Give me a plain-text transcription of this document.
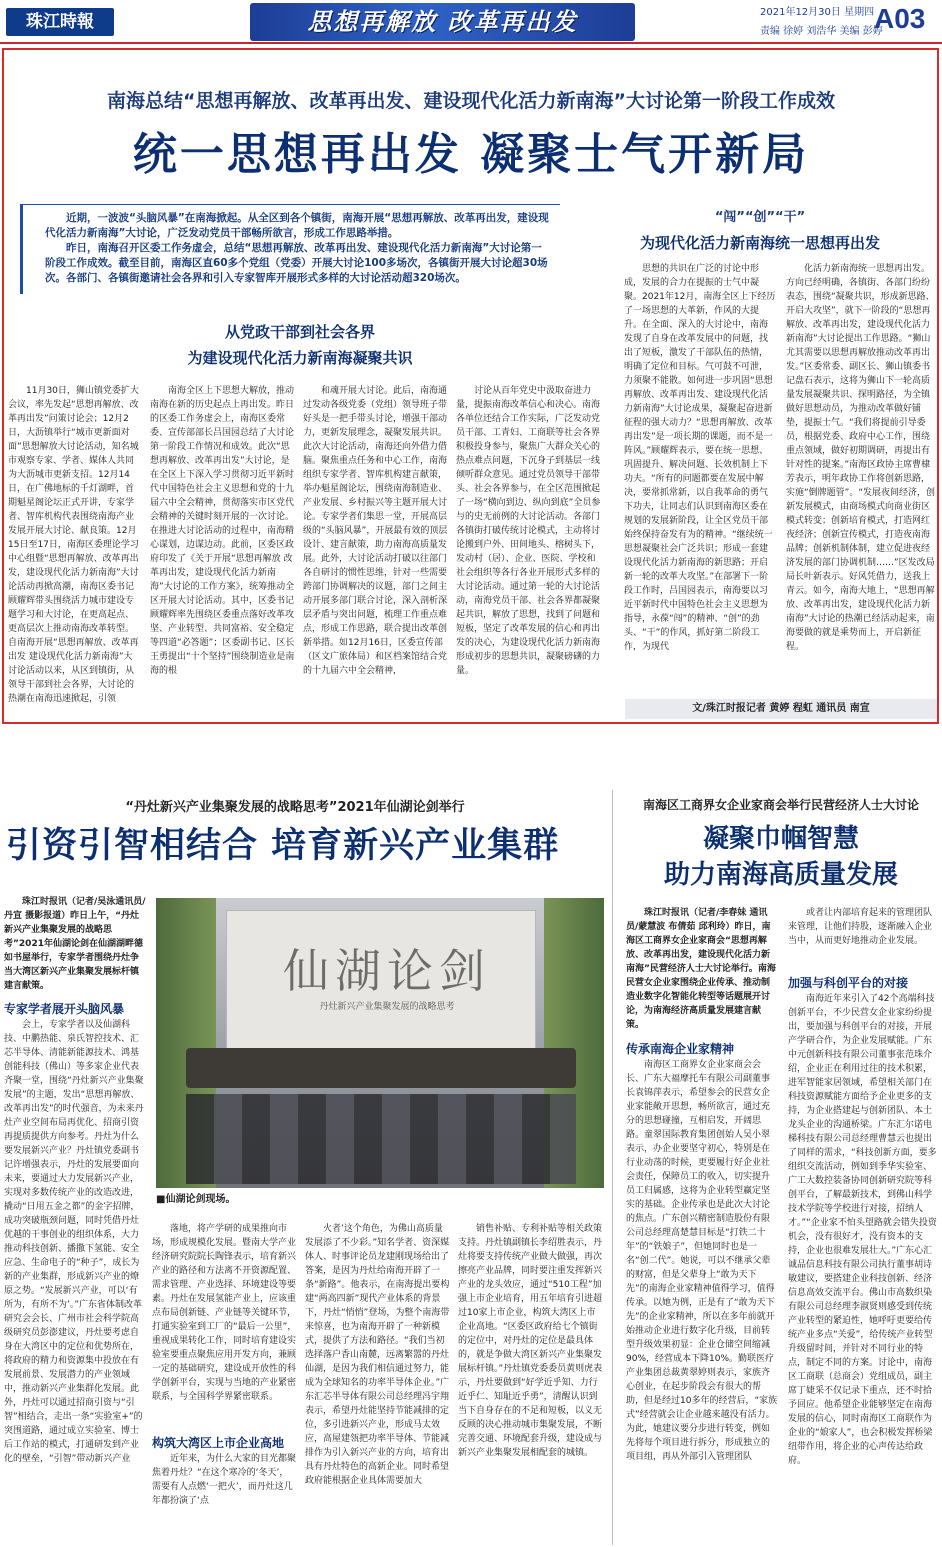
珠江時報	思想再解放 改革再出发	2021年12月30日 星期四
责编 徐婷 刘浩华 美编 彭婷
A03
南海总结“思想再解放、改革再出发、建设现代化活力新南海”大讨论第一阶段工作成效
统一思想再出发 凝聚士气开新局

近期，一波波“头脑风暴”在南海掀起。从全区到各个镇街，南海开展“思想再解放、改革再出发，建设现代化活力新南海”大讨论，广泛发动党员干部畅所欲言，形成工作思路举措。

昨日，南海召开区委工作务虚会，总结“思想再解放、改革再出发、建设现代化活力新南海”大讨论第一阶段工作成效。截至目前，南海区直60多个党组（党委）开展大讨论100多场次，各镇街开展大讨论超30场次。各部门、各镇街邀请社会各界和引入专家智库开展形式多样的大讨论活动超320场次。

“闯”“创”“干”
为现代化活力新南海统一思想再出发
从党政干部到社会各界
为建设现代化活力新南海凝聚共识

11月30日，狮山镇党委扩大会议，率先发起“思想再解放、改革再出发”问策讨论会；12月2日，大沥镇举行“城市更新面对面”思想解放大讨论活动，知名城市观察专家、学者、媒体人共同为大沥城市更新支招。12月14日，在广佛地标的千灯湖畔，首期魁星阁论坛正式开讲，专家学者、智库机构代表围绕南海产业发展开展大讨论、献良策。12月15日至17日，南海区委理论学习中心组暨“思想再解放、改革再出发，建设现代化活力新南海”大讨论活动再掀高潮，南海区委书记顾耀辉带头围绕活力城市建设专题学习和大讨论，在更高起点、更高层次上推动南海改革转型。自南海开展“思想再解放、改革再出发 建设现代化活力新南海”大讨论活动以来，从区到镇街，从领导干部到社会各界，大讨论的热潮在南海迅速掀起，引领

南海全区上下思想大解放，推动南海在新的历史起点上再出发。昨日的区委工作务虚会上，南海区委常委、宣传部部长吕国园总结了大讨论第一阶段工作情况和成效。此次“思想再解放、改革再出发”大讨论，是在全区上下深入学习贯彻习近平新时代中国特色社会主义思想和党的十九届六中全会精神，贯彻落实市区党代会精神的关键时刻开展的一次讨论。在推进大讨论活动的过程中，南海精心谋划，边谋边动。此前，区委区政府印发了《关于开展“思想再解放 改革再出发，建设现代化活力新南海”大讨论的工作方案》，统筹推动全区开展大讨论活动。其中，区委书记顾耀辉率先围绕区委重点落好改革攻坚、产业转型、共同富裕、安全稳定等四道“必答题”；区委副书记、区长王勇提出“十个坚持”围绕制造业是南海的根

和魂开展大讨论。此后，南海通过发动各级党委（党组）领导班子带好头是一把手带头讨论，增强干部动力，更新发展理念，凝聚发展共识。此次大讨论活动，南海还向外借力借脑。聚焦重点任务和中心工作，南海组织专家学者、智库机构建言献策，举办魁星阁论坛，围绕南海制造业、产业发展、乡村振兴等主题开展大讨论。专家学者们集思一堂，开展高层级的“头脑风暴”，开展最有效的顶层设计、建言献策，助力南海高质量发展。此外，大讨论活动打破以往部门各自研讨的惯性思维，针对一些需要跨部门协调解决的议题，部门之间主动开展多部门联合讨论，深入剖析深层矛盾与突出问题，梳理工作重点难点，形成工作思路，联合提出改革创新举措。如12月16日，区委宣传部（区文广旅体局）和区档案馆结合党的十九届六中全会精神，

讨论从百年党史中汲取奋进力量，提振南海改革信心和决心。南海各单位还结合工作实际，广泛发动党员干部、工青妇、工商联等社会各界积极投身参与，聚焦广大群众关心的热点难点问题，下沉身子到基层一线倾听群众意见。通过党员领导干部带头、社会各界参与，在全区范围掀起了一场“横向到边、纵向到底”全员参与的史无前例的大讨论活动。各部门各镇街打破传统讨论模式，主动将讨论搬到户外、田间地头、榕树头下，发动村（居）、企业、医院、学校和社会组织等各行各业开展形式多样的大讨论活动。通过第一轮的大讨论活动，南海党员干部、社会各界都凝聚起共识，解放了思想，找到了问题和短板，坚定了改革发展的信心和再出发的决心，为建设现代化活力新南海形成初步的思想共识，凝聚磅礴的力量。

思想的共识在广泛的讨论中形成，发展的合力在提振的士气中凝聚。2021年12月，南海全区上下经历了一场思想的大革新，作风的大提升。在全面、深入的大讨论中，南海发现了自身在改革发展中的问题，找出了短板，激发了干部队伍的热情，明确了定位和目标。气可鼓不可泄，力须聚不能散。如何进一步巩固“思想再解放、改革再出发、建设现代化活力新南海”大讨论成果，凝聚起奋进新征程的强大动力？“思想再解放、改革再出发”是一项长期的课题，而不是一阵风。”顾耀辉表示，要在统一思想、巩固提升、解决问题、长效机制上下功夫。“所有的问题都要在发展中解决，要常抓常新，以自我革命的勇气下功夫，让同志们认识到南海区委在规划的发展新阶段，让全区党员干部始终保持奋发有为的精神。“继续统一思想凝聚社会广泛共识；形成一套建设现代化活力新南海的新思路；开启新一轮的改革大攻坚。”在部署下一阶段工作时，吕国园表示，南海要以习近平新时代中国特色社会主义思想为指导，永葆“闯”的精神、“创”的劲头、“干”的作风，抓好第二阶段工作，为现代

化活力新南海统一思想再出发。方向已经明确，各镇街、各部门纷纷表态，围绕“凝聚共识，形成新思路、开启大攻坚”，就下一阶段的“思想再解放、改革再出发，建设现代化活力新南海”大讨论提出工作思路。“狮山尤其需要以思想再解放推动改革再出发。”区委常委、副区长、狮山镇委书记盘石表示，这将为狮山下一轮高质量发展凝聚共识、探明路径，为全镇做好思想动员，为推动改革做好铺垫，提振士气。“我们将提前引导委员，根据党委、政府中心工作，围绕重点领域，做好初期调研，再提出有针对性的提案。”南海区政协主席曹棣芳表示，明年政协工作将创新思路，实施“倒牌题管”。“发展夜间经济，创新发展模式，由商场模式向商业街区模式转变；创新培育模式，打造网红夜经济；创新宣传模式，打造夜南海品牌；创新机制体制，建立促进夜经济发展的部门协调机制……”区发改局局长叶新表示。好风凭借力，送我上青云。如今，南海大地上，“思想再解放、改革再出发，建设现代化活力新南海”大讨论的热潮已经活动起来，南海要做的就是乘势而上，开启新征程。

文/珠江时报记者 黄婷 程虹 通讯员 南宣
“丹灶新兴产业集聚发展的战略思考”2021年仙湖论剑举行
引资引智相结合 培育新兴产业集群

珠江时报讯（记者/吴泳通讯员/丹宣 摄影报道）昨日上午，“丹灶新兴产业集聚发展的战略思考”2021年仙湖论剑在仙湖湖畔德如书屋举行，专家学者围绕丹灶争当大湾区新兴产业集聚发展标杆镇建言献策。

专家学者展开头脑风暴

会上，专家学者以及仙湖科技、中鹏热能、泉氏智控技术、汇芯半导体、清能新能源技术、鸿基创能科技（佛山）等多家企业代表齐聚一堂，围绕“丹灶新兴产业集聚发展”的主题，发出“思想再解放、改革再出发”的时代强音，为未来丹灶产业空间布局再优化、招商引资再提质提供方向参考。丹灶为什么要发展新兴产业？丹灶镇党委副书记许增强表示，丹灶的发展要面向未来，要通过大力发展新兴产业，实现对多数传统产业的改造改进，撬动“日用五金之都”的金字招牌，成功突破瓶颈问题，同时凭借丹灶优越的干事创业的组织体系，大力推动科技创新、播撒下氢能、安全应急、生命电子的“种子”，成长为新的产业集群，形成新兴产业的燎原之势。“发展新兴产业，可以‘有所为，有所不为’。”广东省体制改革研究会会长、广州市社会科学院高级研究员彭澎建议，丹灶要考虑自身在大湾区中的定位和优势所在，将政府的精力和资源集中投放在有发展前景、发展潜力的产业领域中，推动新兴产业集群化发展。此外，丹灶可以通过招商引资与“引智”相结合，走出一条“实验室+”的突围道路，通过成立实验室、博士后工作站的模式，打通研发到产业化的壁垒，“引智”带动新兴产业

仙湖论剑
丹灶新兴产业集聚发展的战略思考
■仙湖论剑现场。

落地，将产学研的成果推向市场，形成规模化发展。暨南大学产业经济研究院院长陶锋表示，培育新兴产业的路径和方法离不开资源配置、需求管理、产业选择、环境建设等要素。丹灶在发展氢能产业上，应该重点布局创新链、产业链等关键环节，打通实验室到工厂的“最后一公里”，重视成果转化工作，同时培育建设实验室要重点聚焦应用开发方向，兼顾一定的基础研究，建设成开放性的科学创新平台，实现与当地的产业紧密联系，与全国科学界紧密联系。

构筑大湾区上市企业高地

近年来，为什么大家的目光都聚焦着丹灶？“在这个寒冷的‘冬天’，需要有人点燃‘一把火’，而丹灶这几年都扮演了‘点

火者’这个角色，为佛山高质量发展添了不少彩。”知名学者、资深媒体人、时事评论员龙建刚现场给出了答案，是因为丹灶给南海开辟了一条“新路”。他表示，在南海提出要构建“两高四新”现代产业体系的背景下，丹灶“悄悄”登场，为整个南海带来惊喜，也为南海开辟了一种新模式，提供了方法和路径。“我们当初选择落户香山南麓，远离繁嚣的丹灶仙湖，是因为我们相信通过努力，能成为全球知名的功率半导体企业。”广东汇芯半导体有限公司总经理冯宇翔表示，希望丹灶能坚持节能减排的定位，多引进新兴产业，形成马太效应，高屋建瓴把功率半导体、节能减排作为引入新兴产业的方向，培育出具有丹灶特色的高新企业。同时希望政府能根据企业具体需要加大

销售补贴、专利补贴等相关政策支持。丹灶镇副镇长李绍胜表示，丹灶将要支持传统产业做大做强，再次擦亮产业品牌，同时要注重发挥新兴产业的龙头效应，通过“510工程”加强上市企业培育，用五年培育引进超过10家上市企业，构筑大湾区上市企业高地。“区委区政府给七个镇街的定位中，对丹灶的定位是最具体的，就是争做大湾区新兴产业集聚发展标杆镇。”丹灶镇党委委员黄则虎表示，丹灶要做到“好学近乎知、力行近乎仁、知耻近乎勇”，清醒认识到当下自身存在的不足和短板，以义无反顾的决心推动城市集聚发展，不断完善交通、环境配套升级，建设成与新兴产业集聚发展相配套的城镇。

南海区工商界女企业家商会举行民营经济人士大讨论
凝聚巾帼智慧
助力南海高质量发展

珠江时报讯（记者/李春妹 通讯员/蒙慧波 布倩茹 邱利玲）昨日，南海区工商界女企业家商会“思想再解放、改革再出发，建设现代化活力新南海”民营经济人士大讨论举行。南海民营女企业家围绕企业传承、推动制造业数字化智能化转型等话题展开讨论，为南海经济高质量发展建言献策。

传承南海企业家精神

南海区工商界女企业家商会会长、广东大福摩托车有限公司副董事长袁锦萍表示，希望参会的民营女企业家能敞开思想，畅所欲言，通过充分的思想碰撞，互相启发，开阔思路。童翠国际教育集团创始人吴小翠表示，办企业要坚守初心，特别是在行业动荡的时候，更要履行好企业社会责任，保障员工的收入，切实提升员工归属感，这将为企业转型赢定坚实的基础。企业传承也是此次大讨论的焦点。广东创兴精密制造股份有限公司总经理高楚慧目标是“打铁二十年”的“铁娘子”，但她同时也是一名“创二代”。她说，可以不继承父辈的财富，但是父辈身上“敢为天下先”的南海企业家精神值得学习，值得传承。以她为例，正是有了“敢为天下先”的企业家精神，所以在多年前就开始推动企业进行数字化升级，目前转型升级效果初显：企业仓储空间缩减90%，经营成本下降10%。勤联医疗产业集团总裁黄翠婷则表示，家族齐心创业，在起步阶段会有很大的帮助，但是经过10多年的经营后，“家族式”经营就会让企业越来越没有活力。为此，她建议要分步进行转变，例如先将每个项目进行拆分，形成独立的项目组，再从外部引入管理团队

或者让内部培育起来的管理团队来管理，让他们持股，逐渐融入企业当中，从而更好地推动企业发展。

加强与科创平台的对接

南海近年来引入了42个高端科技创新平台，不少民营女企业家纷纷提出，要加强与科创平台的对接，开展产学研合作，为企业发展赋能。广东中元创新科技有限公司董事张范珠介绍，企业正在利用过往的技术积累，进军智能家居领域，希望相关部门在科技资源赋能方面给予企业更多的支持，为企业搭建起与创新团队、本土龙头企业的沟通桥梁。广东汇尔诺电梯科技有限公司总经理曹慧云也提出了同样的需求，“科技创新方面，要多组织交流活动，例如到季华实验室、广工大数控装备协同创新研究院等科创平台，了解最新技术，到佛山科学技术学院等学校进行对接，招纳人才。”“企业家不怕头望路就会错失投资机会，没有很好才，没有资本的支持，企业也很难发展壮大。”广东心汇诚品信息科技有限公司执行董事胡诗敏建议，要搭建企业科技创新、经济信息高效交流平台。佛山市高数织染有限公司总经理李淑贤则感受到传统产业转型的紧迫性，她呼吁更要给传统产业多点“关爱”，给传统产业转型升级留时间，并针对不同行业的特点，制定不同的方案。讨论中，南海区工商联（总商会）党组成员，副主席丁婕采不仅记录下重点，还不时拾予回应。他希望企业能够坚定在南海发展的信心，同时南海区工商联作为企业的“娘家人”，也会积极发挥桥梁纽带作用，将企业的心声传达给政府。
